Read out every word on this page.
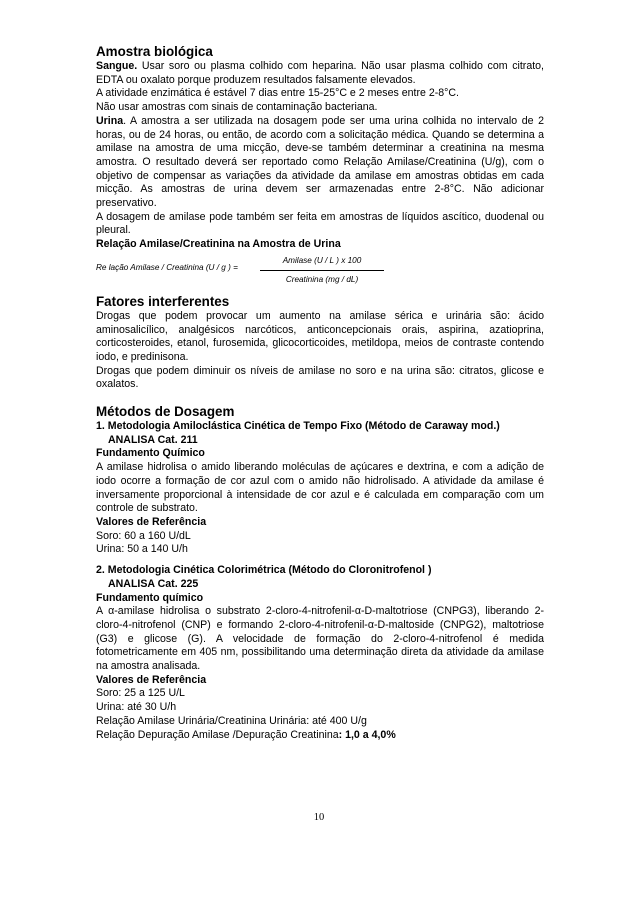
Amostra biológica

Sangue. Usar soro ou plasma colhido com heparina. Não usar plasma colhido com citrato, EDTA ou oxalato porque produzem resultados falsamente elevados.

A atividade enzimática é estável 7 dias entre 15-25°C e 2 meses entre 2-8°C.

Não usar amostras com sinais de contaminação bacteriana.

Urina. A amostra a ser utilizada na dosagem pode ser uma urina colhida no intervalo de 2 horas, ou de 24 horas, ou então, de acordo com a solicitação médica. Quando se determina a amilase na amostra de uma micção, deve-se também determinar a creatinina na mesma amostra. O resultado deverá ser reportado como Relação Amilase/Creatinina (U/g), com o objetivo de compensar as variações da atividade da amilase em amostras obtidas em cada micção. As amostras de urina devem ser armazenadas entre 2-8°C. Não adicionar preservativo.

A dosagem de amilase pode também ser feita em amostras de líquidos ascítico, duodenal ou pleural.

Relação Amilase/Creatinina na Amostra de Urina

Re lação Amilase / Creatinina (U / g ) =
Amilase (U / L ) x 100
Creatinina (mg / dL)
Fatores interferentes

Drogas que podem provocar um aumento na amilase sérica e urinária são: ácido aminosalicílico, analgésicos narcóticos, anticoncepcionais orais, aspirina, azatioprina, corticosteroides, etanol, furosemida, glicocorticoides, metildopa, meios de contraste contendo iodo, e predinisona.

Drogas que podem diminuir os níveis de amilase no soro e na urina são: citratos, glicose e oxalatos.

Métodos de Dosagem

1. Metodologia Amiloclástica Cinética de Tempo Fixo (Método de Caraway mod.)

ANALISA Cat. 211

Fundamento Químico

A amilase hidrolisa o amido liberando moléculas de açúcares e dextrina, e com a adição de iodo ocorre a formação de cor azul com o amido não hidrolisado. A atividade da amilase é inversamente proporcional à intensidade de cor azul e é calculada em comparação com um controle de substrato.

Valores de Referência

Soro: 60 a 160 U/dL

Urina: 50 a 140 U/h

2. Metodologia Cinética Colorimétrica (Método do Cloronitrofenol )

ANALISA Cat. 225

Fundamento químico

A α-amilase hidrolisa o substrato 2-cloro-4-nitrofenil-α-D-maltotriose (CNPG3), liberando 2-cloro-4-nitrofenol (CNP) e formando 2-cloro-4-nitrofenil-α-D-maltoside (CNPG2), maltotriose (G3) e glicose (G). A velocidade de formação do 2-cloro-4-nitrofenol é medida fotometricamente em 405 nm, possibilitando uma determinação direta da atividade da amilase na amostra analisada.

Valores de Referência

Soro: 25 a 125 U/L

Urina: até 30 U/h

Relação Amilase Urinária/Creatinina Urinária: até 400 U/g

Relação Depuração Amilase /Depuração Creatinina: 1,0 a 4,0%

10
